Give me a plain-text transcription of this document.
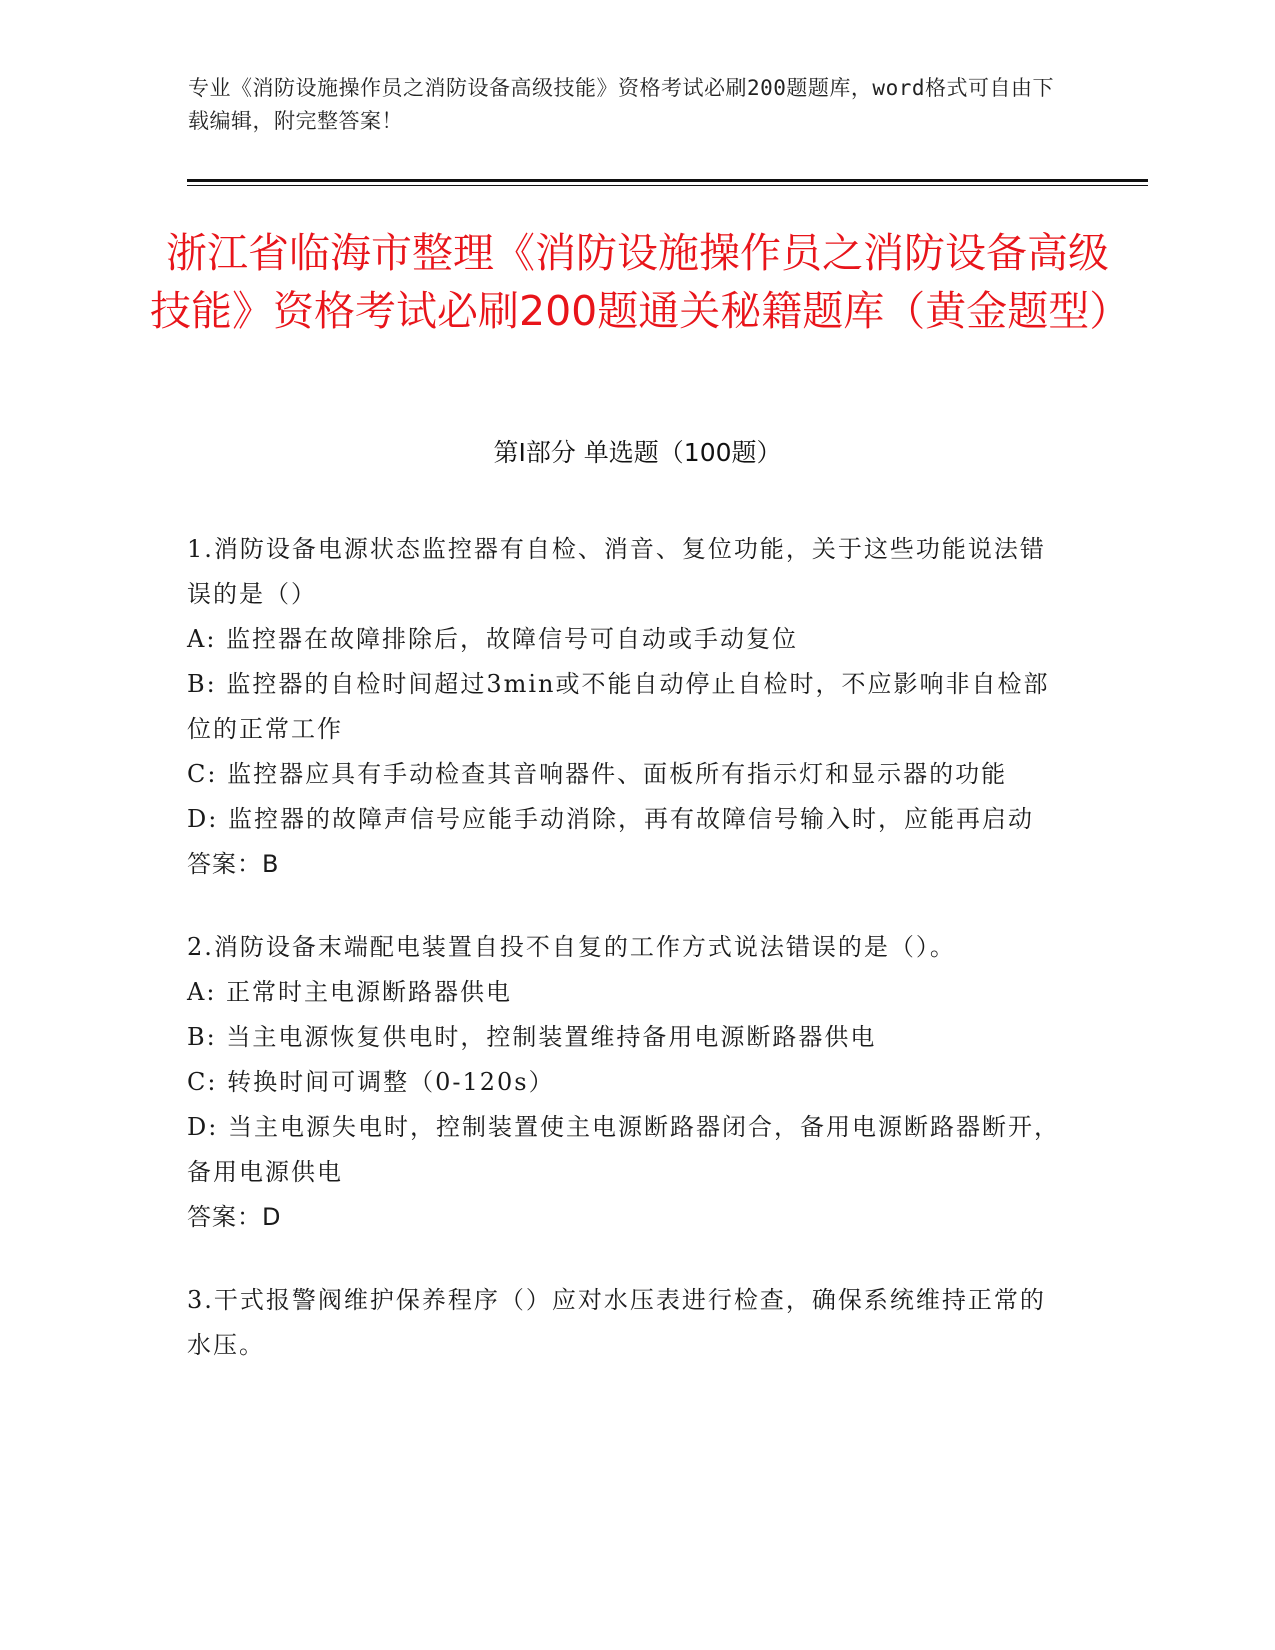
专业《消防设施操作员之消防设备高级技能》资格考试必刷200题题库，word格式可自由下载编辑，附完整答案！
浙江省临海市整理《消防设施操作员之消防设备高级技能》资格考试必刷200题通关秘籍题库（黄金题型）
第I部分 单选题（100题）

1.消防设备电源状态监控器有自检、消音、复位功能，关于这些功能说法错误的是（）

A: 监控器在故障排除后，故障信号可自动或手动复位

B: 监控器的自检时间超过3min或不能自动停止自检时，不应影响非自检部位的正常工作

C: 监控器应具有手动检查其音响器件、面板所有指示灯和显示器的功能

D: 监控器的故障声信号应能手动消除，再有故障信号输入时，应能再启动

答案：B

2.消防设备末端配电装置自投不自复的工作方式说法错误的是（）。

A: 正常时主电源断路器供电

B: 当主电源恢复供电时，控制装置维持备用电源断路器供电

C: 转换时间可调整（0-120s）

D: 当主电源失电时，控制装置使主电源断路器闭合，备用电源断路器断开，备用电源供电

答案：D

3.干式报警阀维护保养程序（）应对水压表进行检查，确保系统维持正常的水压。
